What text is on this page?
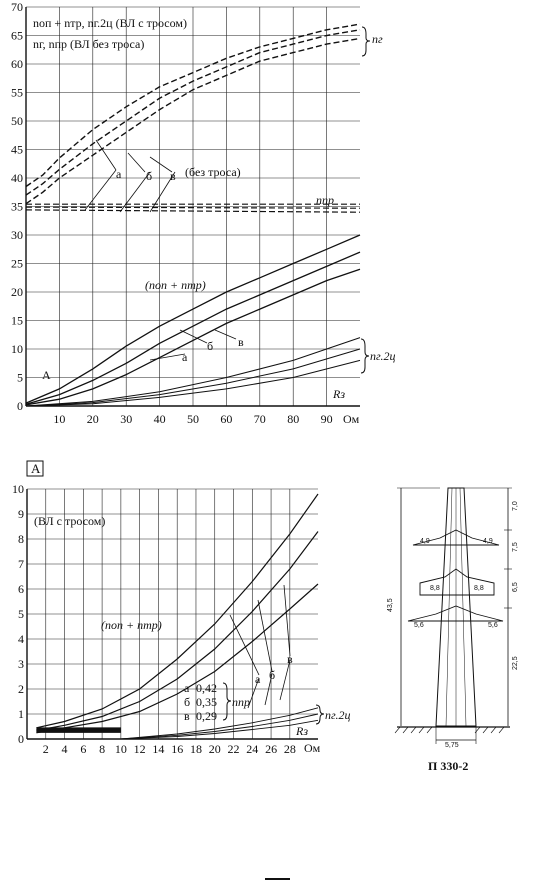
10 20 30 40 50 60 70 80 90
0
5
10
15
20
25
30
35
40
45
50
55
60
65
70
2 4 6 8 10 12 14 16 18 20 22 24 26 28
0
1
2
3
4
5
6
7
8
9
10
nоп + nтр, nг.2ц (ВЛ с тросом)
nг, nпр (ВЛ без троса)	nг
nпр
(без троса)
а б в
(nоп + nтр)
а
б в
nг.2ц
A
Rз
Ом
A
(ВЛ с тросом)
(nоп + nтр)
а 0,42
б 0,35
в 0,29
nпр
а б
в
nг.2ц
Rз
Ом
43,5
7,0
7,5
6,5
22,5
4,9	4,9
8,8	8,8
5,6	5,6
5,75
П 330-2
